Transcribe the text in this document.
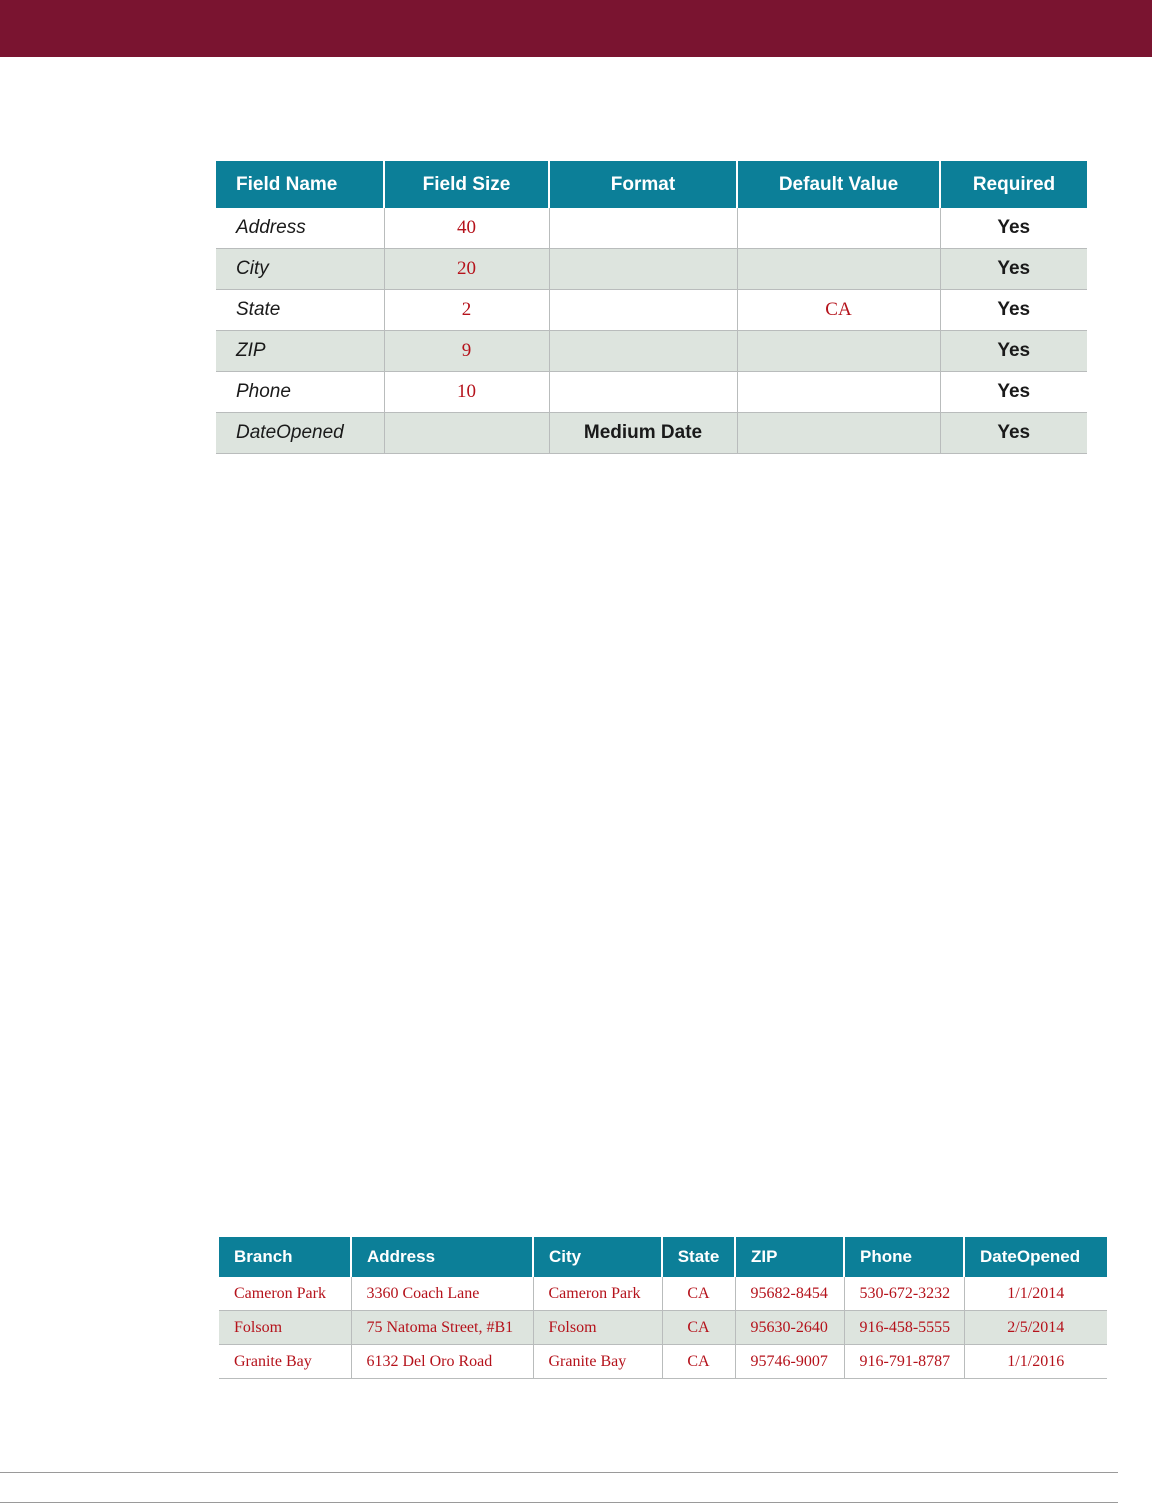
Field Name	Field Size	Format	Default Value	Required
Address	40			Yes
City	20			Yes
State	2		CA	Yes
ZIP	9			Yes
Phone	10			Yes
DateOpened		Medium Date		Yes
Branch	Address	City	State	ZIP	Phone	DateOpened
Cameron Park	3360 Coach Lane	Cameron Park	CA	95682-8454	530-672-3232	1/1/2014
Folsom	75 Natoma Street, #B1	Folsom	CA	95630-2640	916-458-5555	2/5/2014
Granite Bay	6132 Del Oro Road	Granite Bay	CA	95746-9007	916-791-8787	1/1/2016
